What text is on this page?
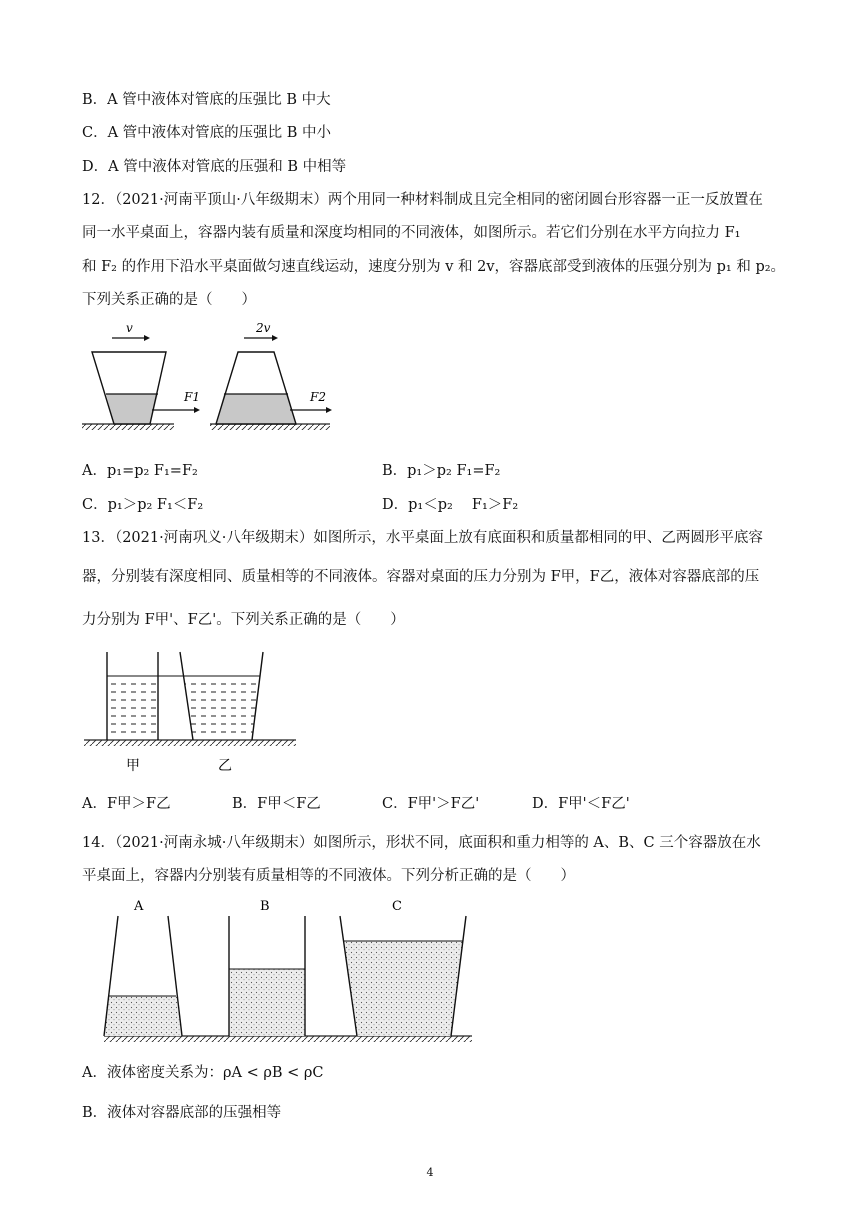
B．A 管中液体对管底的压强比 B 中大
C．A 管中液体对管底的压强比 B 中小
D．A 管中液体对管底的压强和 B 中相等
12．（2021·河南平顶山·八年级期末）两个用同一种材料制成且完全相同的密闭圆台形容器一正一反放置在
同一水平桌面上，容器内装有质量和深度均相同的不同液体，如图所示。若它们分别在水平方向拉力 F₁
和 F₂ 的作用下沿水平桌面做匀速直线运动，速度分别为 v 和 2v，容器底部受到液体的压强分别为 p₁ 和 p₂。
下列关系正确的是（　　）
v
F1
2v
F2
A．p₁=p₂ F₁=F₂	B．p₁＞p₂ F₁=F₂
C．p₁＞p₂ F₁＜F₂	D．p₁＜p₂　 F₁＞F₂
13．（2021·河南巩义·八年级期末）如图所示，水平桌面上放有底面积和质量都相同的甲、乙两圆形平底容
器，分别装有深度相同、质量相等的不同液体。容器对桌面的压力分别为 F甲，F乙，液体对容器底部的压
力分别为 F甲'、F乙'。下列关系正确的是（　　）
甲	乙
A．F甲＞F乙	B．F甲＜F乙	C．F甲'＞F乙'	D．F甲'＜F乙'
14．（2021·河南永城·八年级期末）如图所示，形状不同，底面积和重力相等的 A、B、C 三个容器放在水
平桌面上，容器内分别装有质量相等的不同液体。下列分析正确的是（　　）
A	B	C
A．液体密度关系为：ρA < ρB < ρC
B．液体对容器底部的压强相等
4
